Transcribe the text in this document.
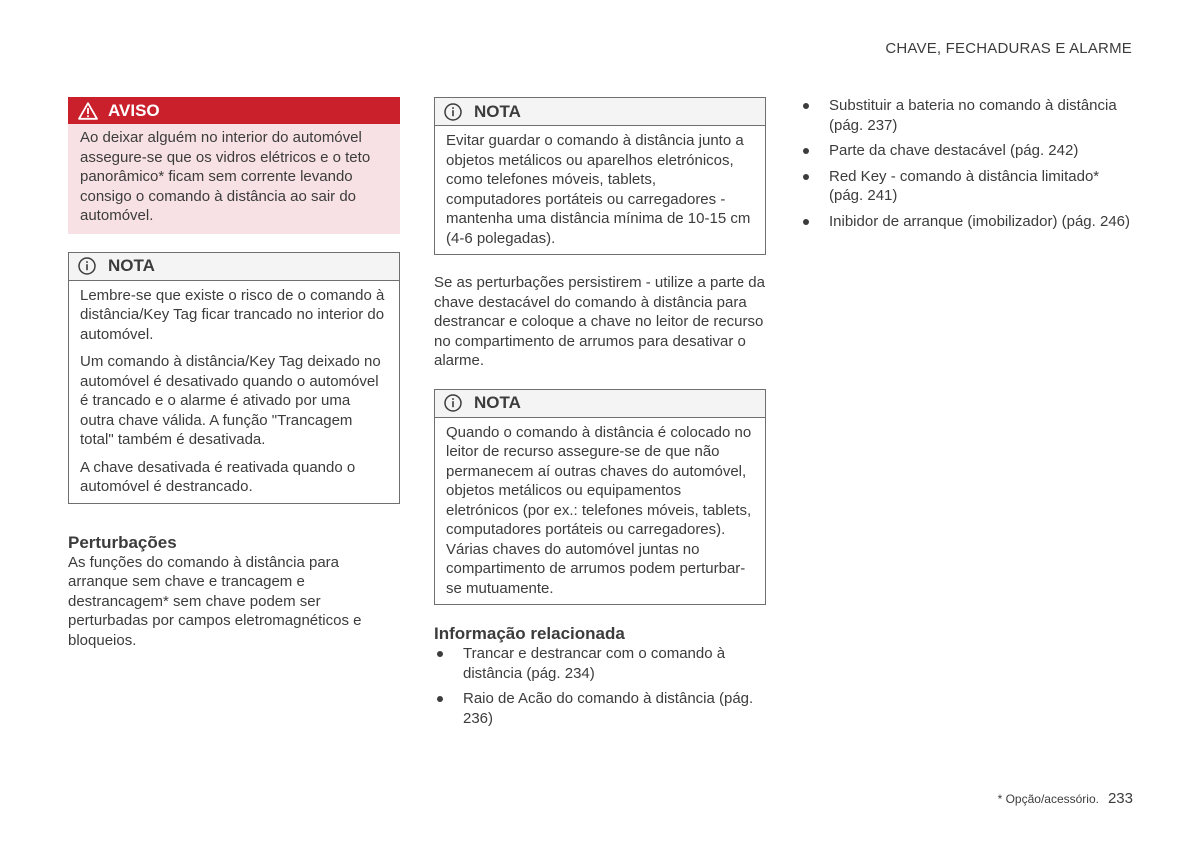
CHAVE, FECHADURAS E ALARME
AVISO
Ao deixar alguém no interior do automóvel assegure-se que os vidros elétricos e o teto panorâmico* ficam sem corrente levando consigo o comando à distância ao sair do automóvel.
NOTA

Lembre-se que existe o risco de o comando à distância/Key Tag ficar trancado no interior do automóvel.

Um comando à distância/Key Tag deixado no automóvel é desativado quando o automóvel é trancado e o alarme é ativado por uma outra chave válida. A função "Trancagem total" também é desativada.

A chave desativada é reativada quando o automóvel é destrancado.

Perturbações

As funções do comando à distância para arranque sem chave e trancagem e destrancagem* sem chave podem ser perturbadas por campos eletromagnéticos e bloqueios.

NOTA
Evitar guardar o comando à distância junto a objetos metálicos ou aparelhos eletrónicos, como telefones móveis, tablets, computadores portáteis ou carregadores - mantenha uma distância mínima de 10-15 cm (4-6 polegadas).

Se as perturbações persistirem - utilize a parte da chave destacável do comando à distância para destrancar e coloque a chave no leitor de recurso no compartimento de arrumos para desativar o alarme.

NOTA
Quando o comando à distância é colocado no leitor de recurso assegure-se de que não permanecem aí outras chaves do automóvel, objetos metálicos ou equipamentos eletrónicos (por ex.: telefones móveis, tablets, computadores portáteis ou carregadores). Várias chaves do automóvel juntas no compartimento de arrumos podem perturbar-se mutuamente.
Informação relacionada
Trancar e destrancar com o comando à distância (pág. 234)
Raio de Acão do comando à distância (pág. 236)
Substituir a bateria no comando à distância (pág. 237)
Parte da chave destacável (pág. 242)
Red Key - comando à distância limitado* (pág. 241)
Inibidor de arranque (imobilizador) (pág. 246)
* Opção/acessório. 233
